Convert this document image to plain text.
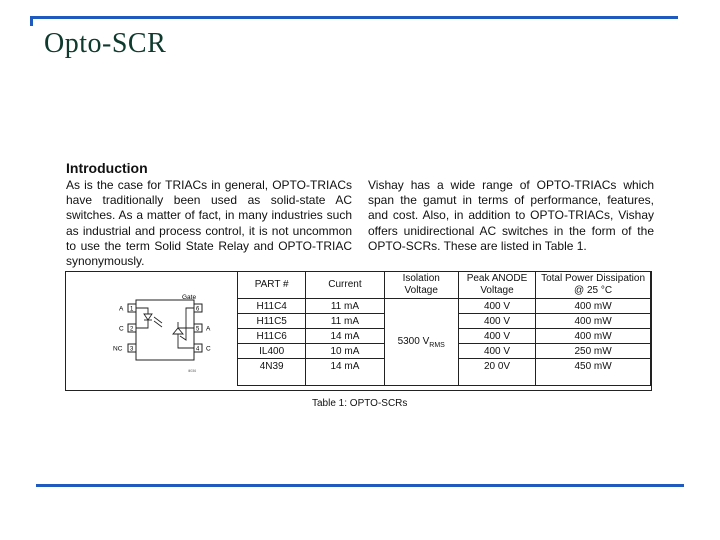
Opto-SCR
Introduction
As is the case for TRIACs in general, OPTO-TRIACs have traditionally been used as solid-state AC switches. As a matter of fact, in many industries such as industrial and process control, it is not uncommon to use the term Solid State Relay and OPTO-TRIAC synonymously.
Vishay has a wide range of OPTO-TRIACs which span the gamut in terms of performance, features, and cost. Also, in addition to OPTO-TRIACs, Vishay offers unidirectional AC switches in the form of the OPTO-SCRs. These are listed in Table 1.
Gate
1
2
3	4
5
6
A
C
NC
A
C
iil036
PART #	Current	Isolation Voltage	Peak ANODE Voltage	Total Power Dissipation @ 25 °C
H11C4	11 mA	5300 $V_{RMS}$	400 V	400 mW
H11C5	11 mA		400 V	400 mW
H11C6	14 mA		400 V	400 mW
IL400	10 mA		400 V	250 mW
4N39	14 mA		20 0V	450 mW
Table 1: OPTO-SCRs
